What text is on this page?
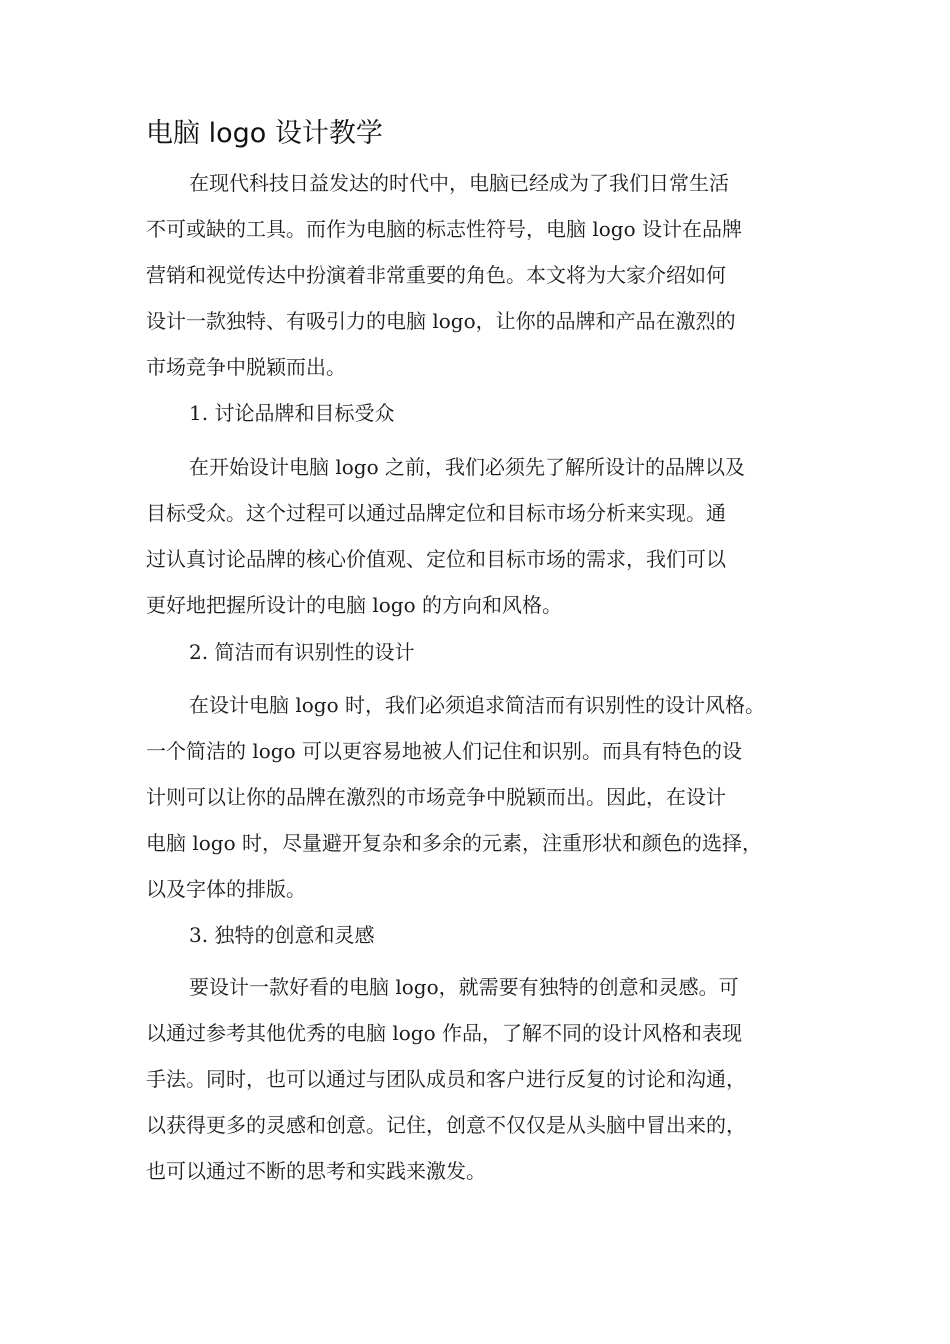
电脑 logo 设计教学
在现代科技日益发达的时代中，电脑已经成为了我们日常生活
不可或缺的工具。而作为电脑的标志性符号，电脑 logo 设计在品牌
营销和视觉传达中扮演着非常重要的角色。本文将为大家介绍如何
设计一款独特、有吸引力的电脑 logo，让你的品牌和产品在激烈的
市场竞争中脱颖而出。
1. 讨论品牌和目标受众
在开始设计电脑 logo 之前，我们必须先了解所设计的品牌以及
目标受众。这个过程可以通过品牌定位和目标市场分析来实现。通
过认真讨论品牌的核心价值观、定位和目标市场的需求，我们可以
更好地把握所设计的电脑 logo 的方向和风格。
2. 简洁而有识别性的设计
在设计电脑 logo 时，我们必须追求简洁而有识别性的设计风格。
一个简洁的 logo 可以更容易地被人们记住和识别。而具有特色的设
计则可以让你的品牌在激烈的市场竞争中脱颖而出。因此，在设计
电脑 logo 时，尽量避开复杂和多余的元素，注重形状和颜色的选择，
以及字体的排版。
3. 独特的创意和灵感
要设计一款好看的电脑 logo，就需要有独特的创意和灵感。可
以通过参考其他优秀的电脑 logo 作品，了解不同的设计风格和表现
手法。同时，也可以通过与团队成员和客户进行反复的讨论和沟通，
以获得更多的灵感和创意。记住，创意不仅仅是从头脑中冒出来的，
也可以通过不断的思考和实践来激发。
